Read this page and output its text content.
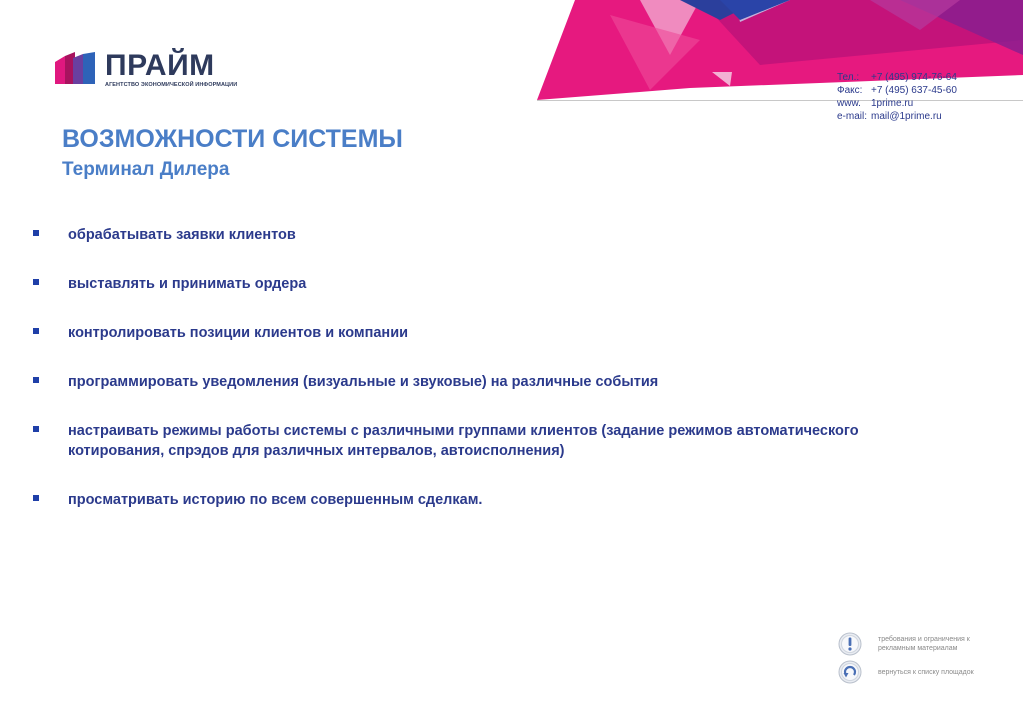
ПРАЙМ
АГЕНТСТВО ЭКОНОМИЧЕСКОЙ ИНФОРМАЦИИ
Тел.:	+7 (495) 974-76-64
Факс: +7 (495) 637-45-60
www.	1prime.ru
e-mail: mail@1prime.ru
ВОЗМОЖНОСТИ СИСТЕМЫ
Терминал Дилера
обрабатывать заявки клиентов
выставлять и принимать ордера
контролировать позиции клиентов и компании
программировать уведомления (визуальные и звуковые) на различные события
настраивать режимы работы системы с различными группами клиентов (задание режимов автоматического котирования, спрэдов для различных интервалов, автоисполнения)
просматривать историю по всем совершенным сделкам.
требования и ограничения к рекламным материалам
вернуться к списку площадок
